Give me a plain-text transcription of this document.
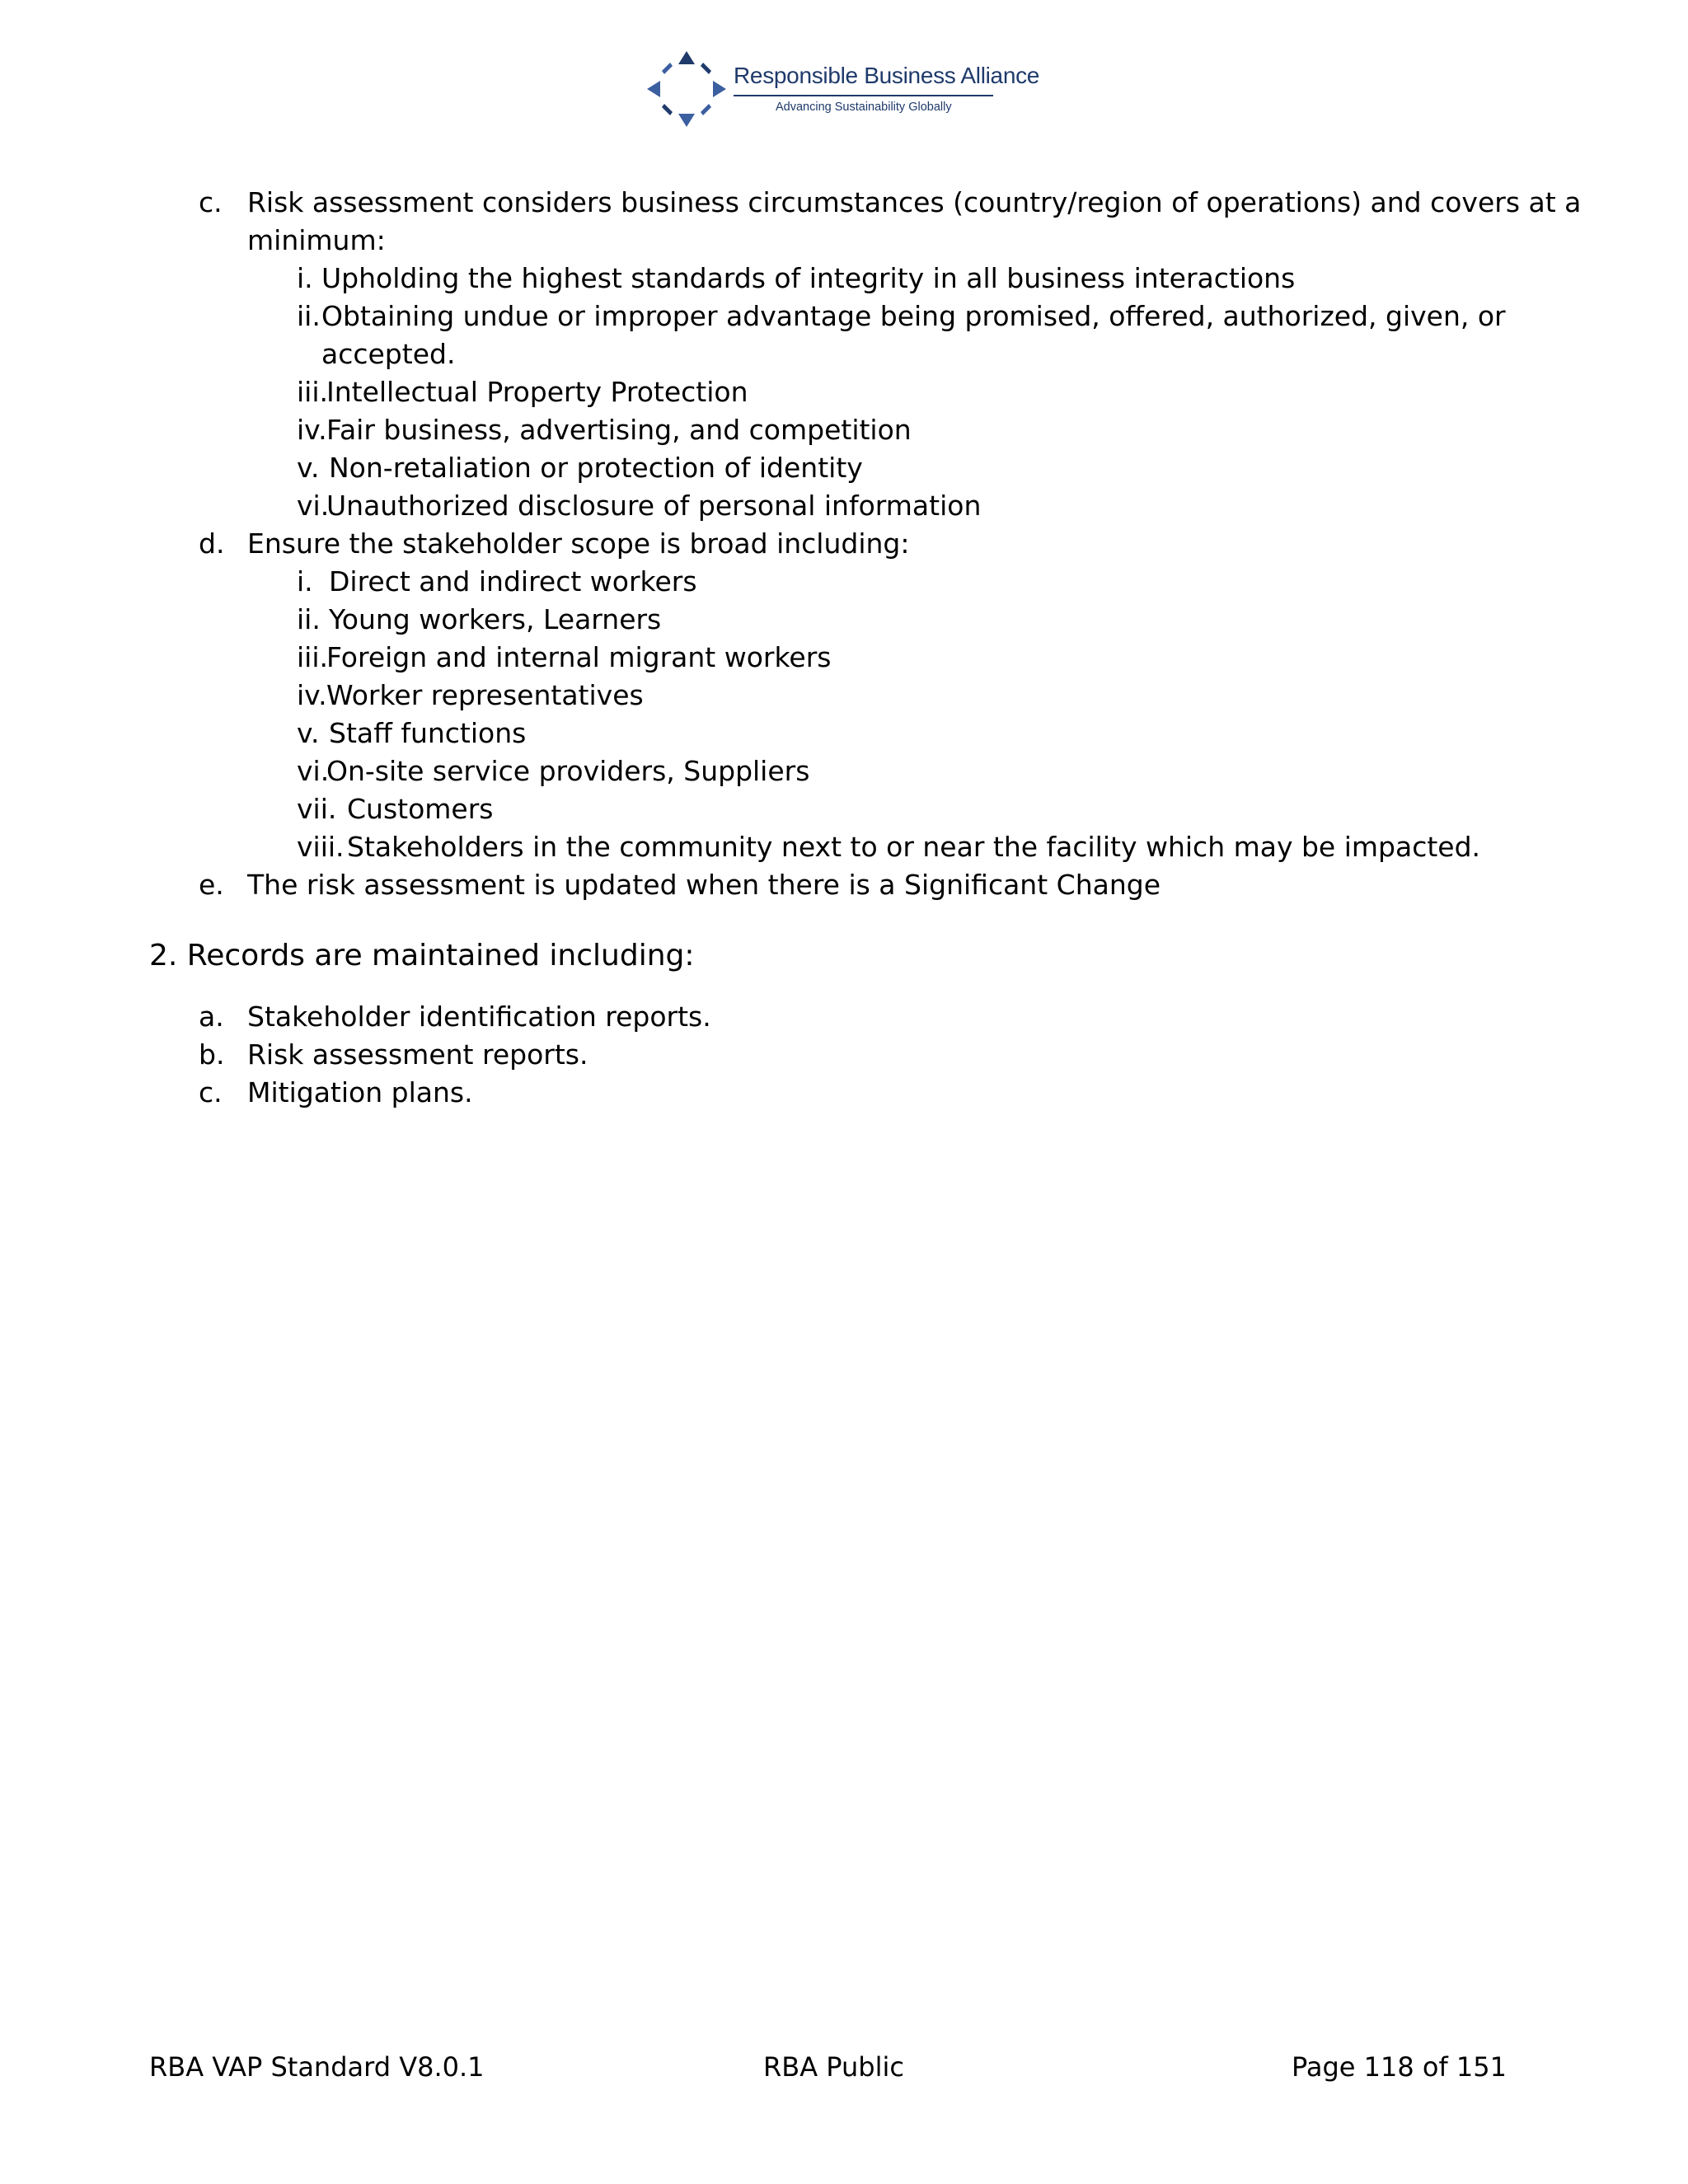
Responsible Business Alliance
Advancing Sustainability Globally
c. Risk assessment considers business circumstances (country/region of operations) and covers at a
minimum:
i. Upholding the highest standards of integrity in all business interactions
ii. Obtaining undue or improper advantage being promised, offered, authorized, given, or
accepted.
iii.
Intellectual Property Protection
iv. Fair business, advertising, and competition
v. Non-retaliation or protection of identity
vi.
Unauthorized disclosure of personal information
d. Ensure the stakeholder scope is broad including:
i. Direct and indirect workers
ii. Young workers, Learners
iii.
Foreign and internal migrant workers
iv. Worker representatives
v. Staff functions
vi.
On-site service providers, Suppliers
vii. Customers
viii. Stakeholders in the community next to or near the facility which may be impacted.
e. The risk assessment is updated when there is a Significant Change
2. Records are maintained including:
a. Stakeholder identification reports.
b. Risk assessment reports.
c. Mitigation plans.
RBA VAP Standard V8.0.1	RBA Public	Page 118 of 151
